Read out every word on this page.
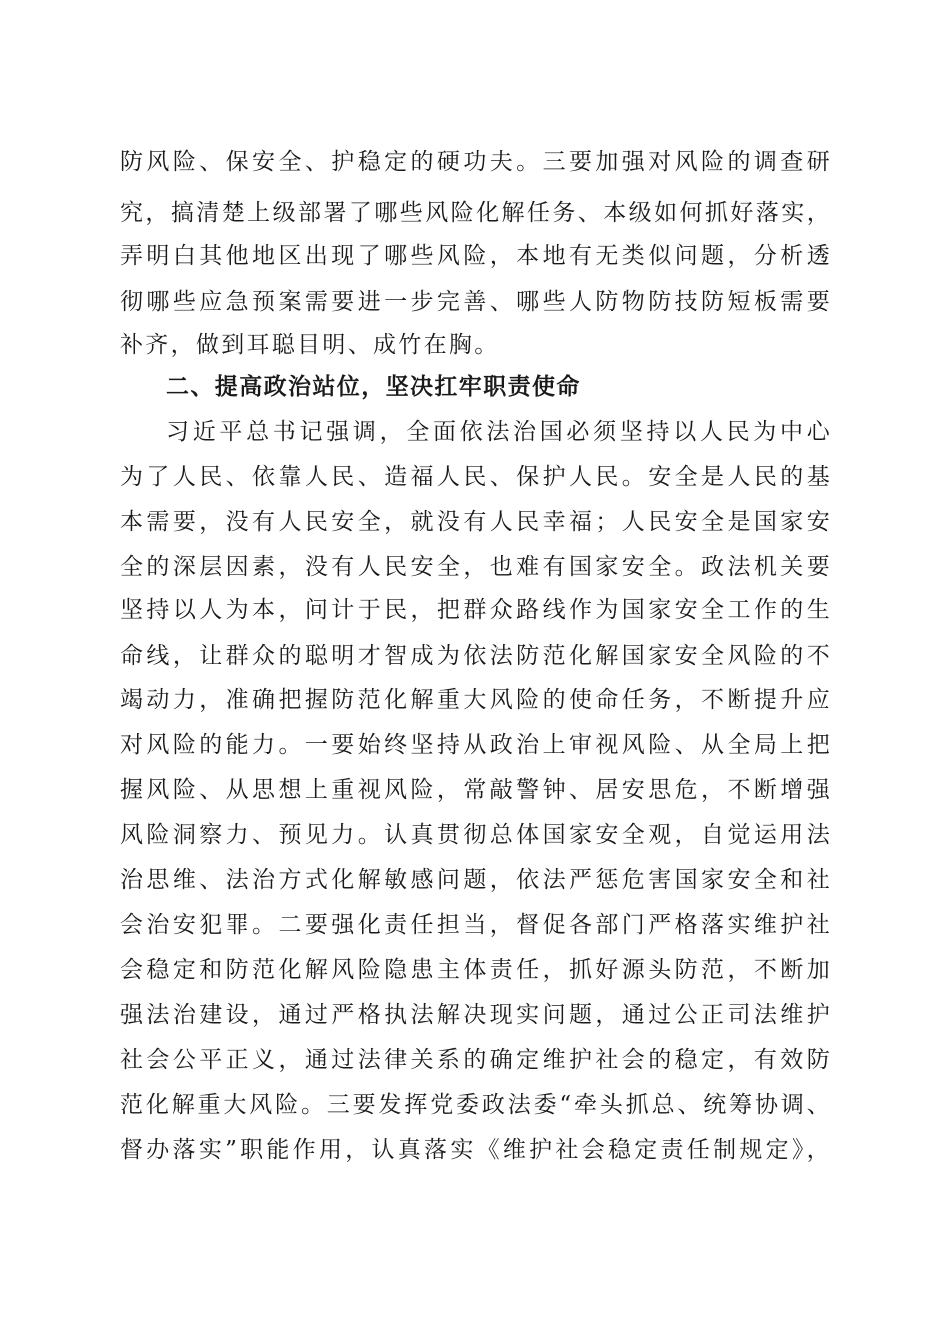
防风险、保安全、护稳定的硬功夫。三要加强对风险的调查研
究，搞清楚上级部署了哪些风险化解任务、本级如何抓好落实，
弄明白其他地区出现了哪些风险，本地有无类似问题，分析透
彻哪些应急预案需要进一步完善、哪些人防物防技防短板需要
补齐，做到耳聪目明、成竹在胸。
二、提高政治站位，坚决扛牢职责使命
习近平总书记强调，全面依法治国必须坚持以人民为中心
为了人民、依靠人民、造福人民、保护人民。安全是人民的基
本需要，没有人民安全，就没有人民幸福；人民安全是国家安
全的深层因素，没有人民安全，也难有国家安全。政法机关要
坚持以人为本，问计于民，把群众路线作为国家安全工作的生
命线，让群众的聪明才智成为依法防范化解国家安全风险的不
竭动力，准确把握防范化解重大风险的使命任务，不断提升应
对风险的能力。一要始终坚持从政治上审视风险、从全局上把
握风险、从思想上重视风险，常敲警钟、居安思危，不断增强
风险洞察力、预见力。认真贯彻总体国家安全观，自觉运用法
治思维、法治方式化解敏感问题，依法严惩危害国家安全和社
会治安犯罪。二要强化责任担当，督促各部门严格落实维护社
会稳定和防范化解风险隐患主体责任，抓好源头防范，不断加
强法治建设，通过严格执法解决现实问题，通过公正司法维护
社会公平正义，通过法律关系的确定维护社会的稳定，有效防
范化解重大风险。三要发挥党委政法委“牵头抓总、统筹协调、
督办落实”职能作用，认真落实《维护社会稳定责任制规定》，
